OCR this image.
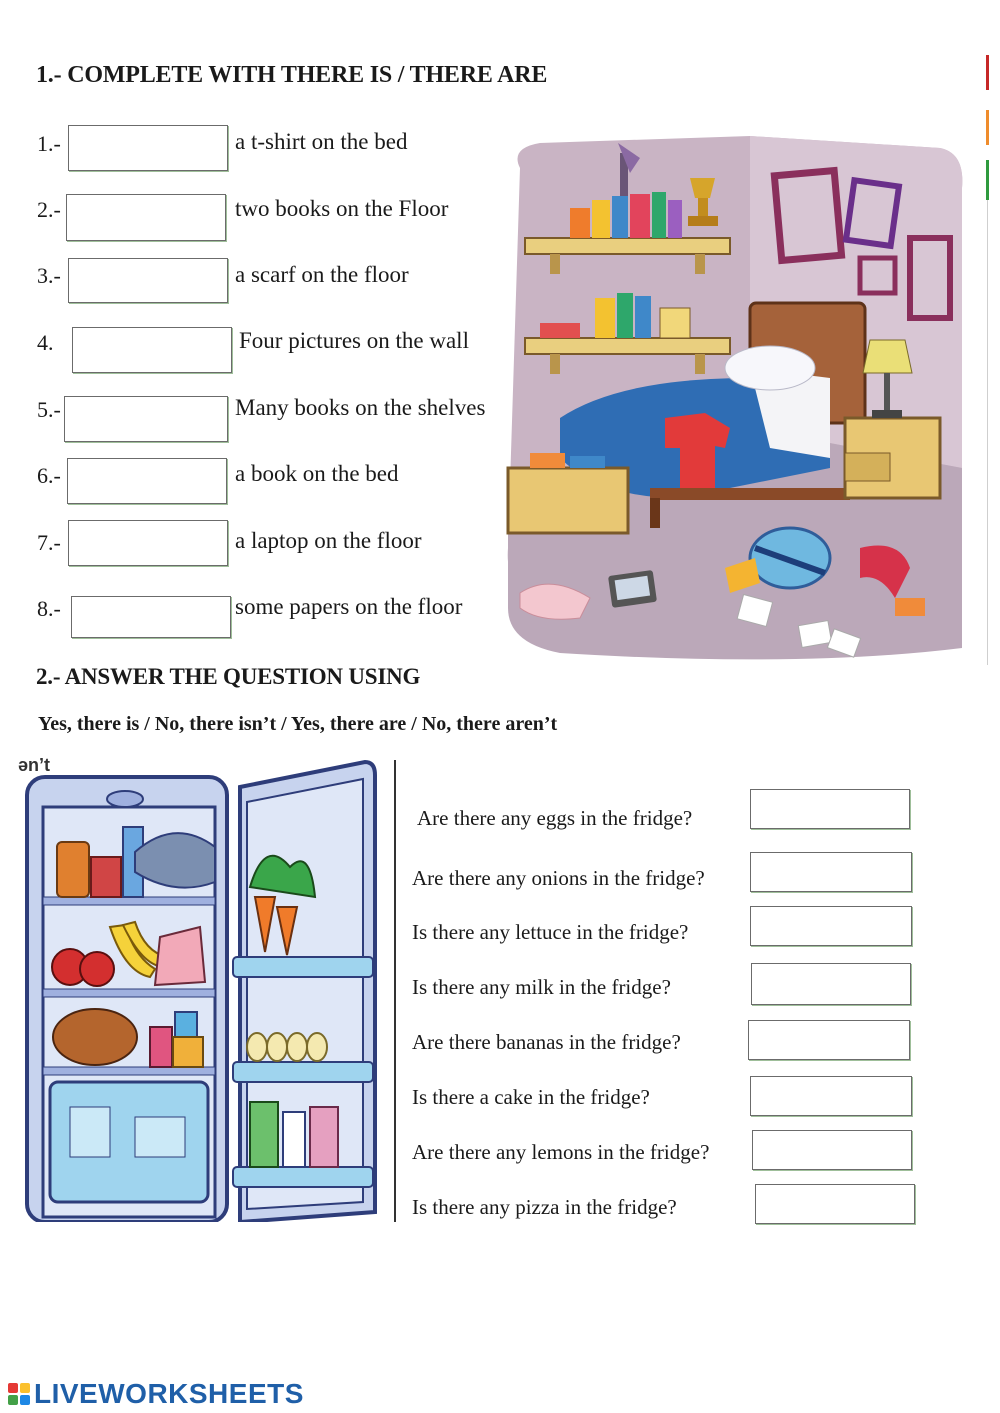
1.- COMPLETE WITH THERE IS / THERE ARE
1.-	a t-shirt on the bed
2.-	two books on the Floor
3.-	a scarf on the floor
4.	Four pictures on the wall
5.-	Many books on the shelves
6.-	a book on the bed
7.-	a laptop on the floor
8.-	some papers on the floor
2.- ANSWER THE QUESTION USING
Yes, there is / No, there isn’t / Yes, there are / No, there aren’t
ən’t
Are there any eggs in the fridge?
Are there any onions in the fridge?
Is there any lettuce in the fridge?
Is there any milk in the fridge?
Are there bananas in the fridge?
Is there a cake in the fridge?
Are there any lemons in the fridge?
Is there any pizza in the fridge?
LIVEWORKSHEETS
